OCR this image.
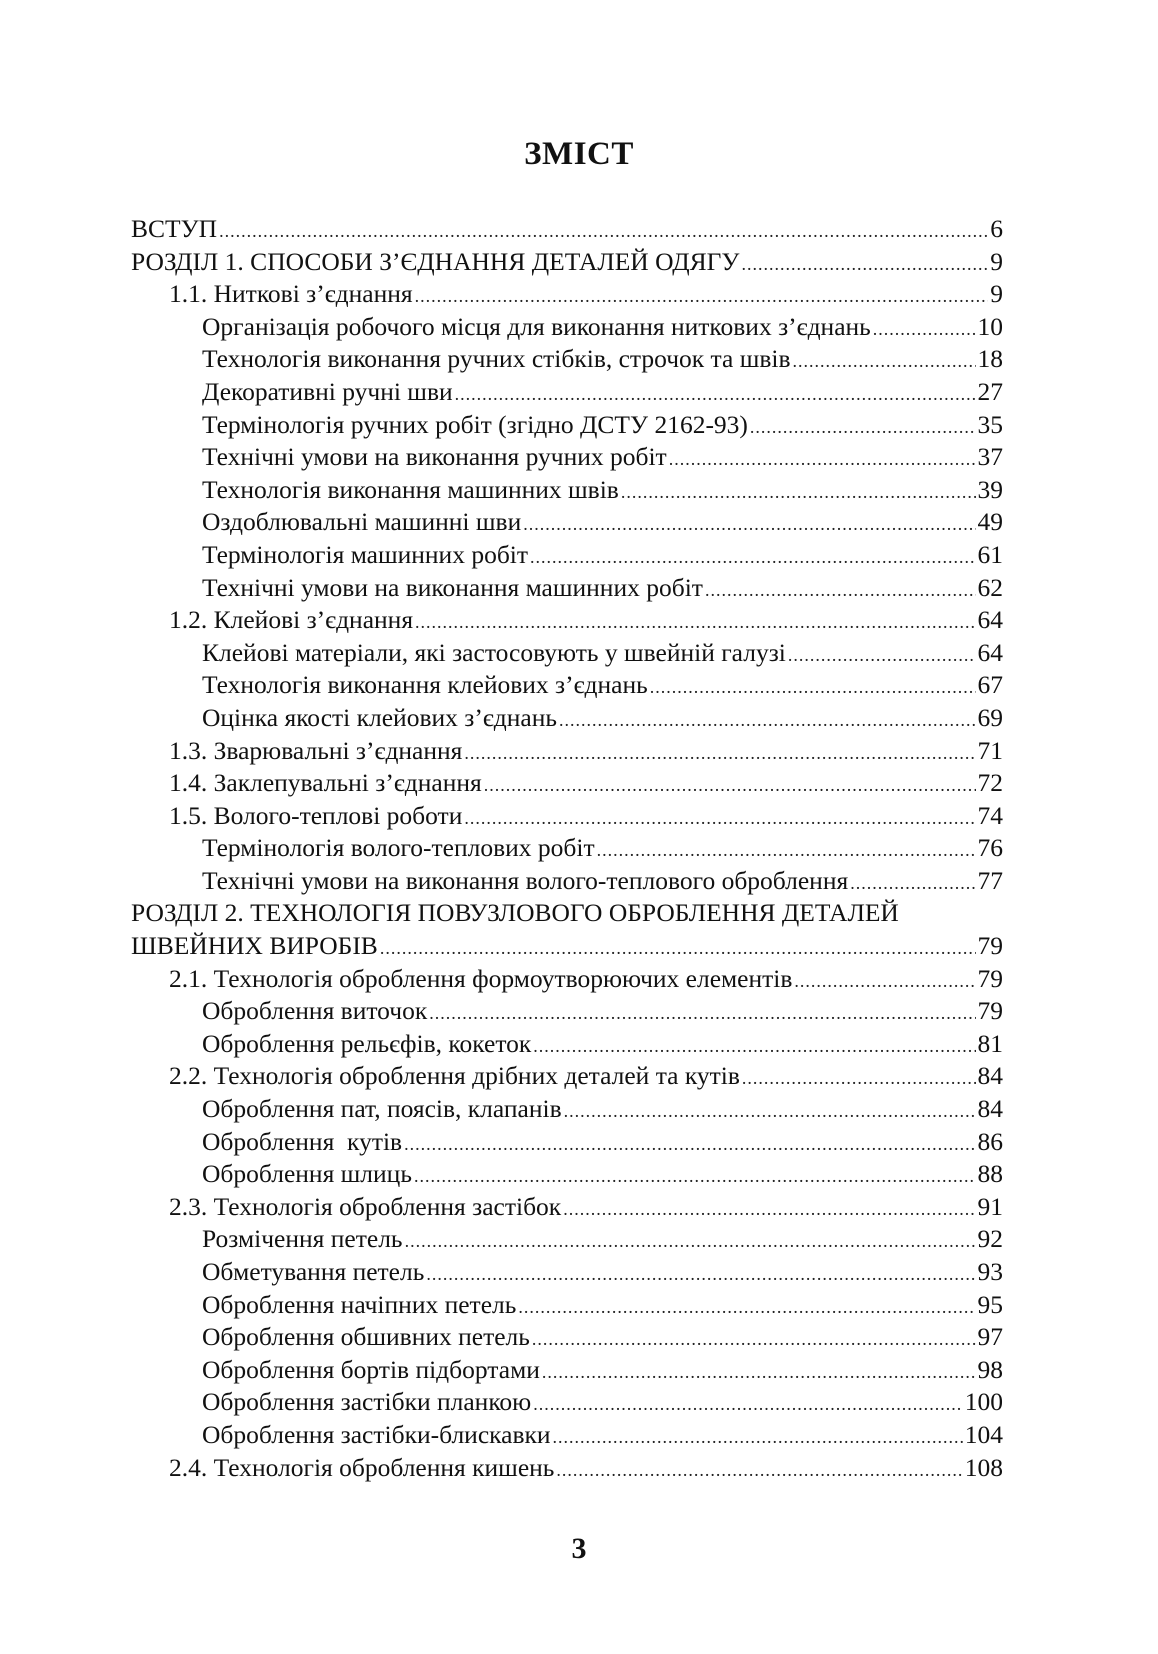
ЗМІСТ
ВСТУП .....	6
РОЗДІЛ 1. СПОСОБИ З’ЄДНАННЯ ДЕТАЛЕЙ ОДЯГУ .....	9
1.1. Ниткові з’єднання .....	9
Організація робочого місця для виконання ниткових з’єднань .....	10
Технологія виконання ручних стібків, строчок та швів .....	18
Декоративні ручні шви .....	27
Термінологія ручних робіт (згідно ДСТУ 2162-93) .....	35
Технічні умови на виконання ручних робіт .....	37
Технологія виконання машинних швів .....	39
Оздоблювальні машинні шви .....	49
Термінологія машинних робіт .....	61
Технічні умови на виконання машинних робіт .....	62
1.2. Клейові з’єднання .....	64
Клейові матеріали, які застосовують у швейній галузі .....	64
Технологія виконання клейових з’єднань .....	67
Оцінка якості клейових з’єднань .....	69
1.3. Зварювальні з’єднання .....	71
1.4. Заклепувальні з’єднання .....	72
1.5. Волого-теплові роботи .....	74
Термінологія волого-теплових робіт .....	76
Технічні умови на виконання волого-теплового оброблення .....	77
РОЗДІЛ 2. ТЕХНОЛОГІЯ ПОВУЗЛОВОГО ОБРОБЛЕННЯ ДЕТАЛЕЙ
ШВЕЙНИХ ВИРОБІВ .....	79
2.1. Технологія оброблення формоутворюючих елементів .....	79
Оброблення виточок .....	79
Оброблення рельєфів, кокеток .....	81
2.2. Технологія оброблення дрібних деталей та кутів .....	84
Оброблення пат, поясів, клапанів .....	84
Оброблення  кутів .....	86
Оброблення шлиць .....	88
2.3. Технологія оброблення застібок .....	91
Розмічення петель .....	92
Обметування петель .....	93
Оброблення начіпних петель .....	95
Оброблення обшивних петель .....	97
Оброблення бортів підбортами .....	98
Оброблення застібки планкою .....	100
Оброблення застібки-блискавки .....	104
2.4. Технологія оброблення кишень .....	108
3
